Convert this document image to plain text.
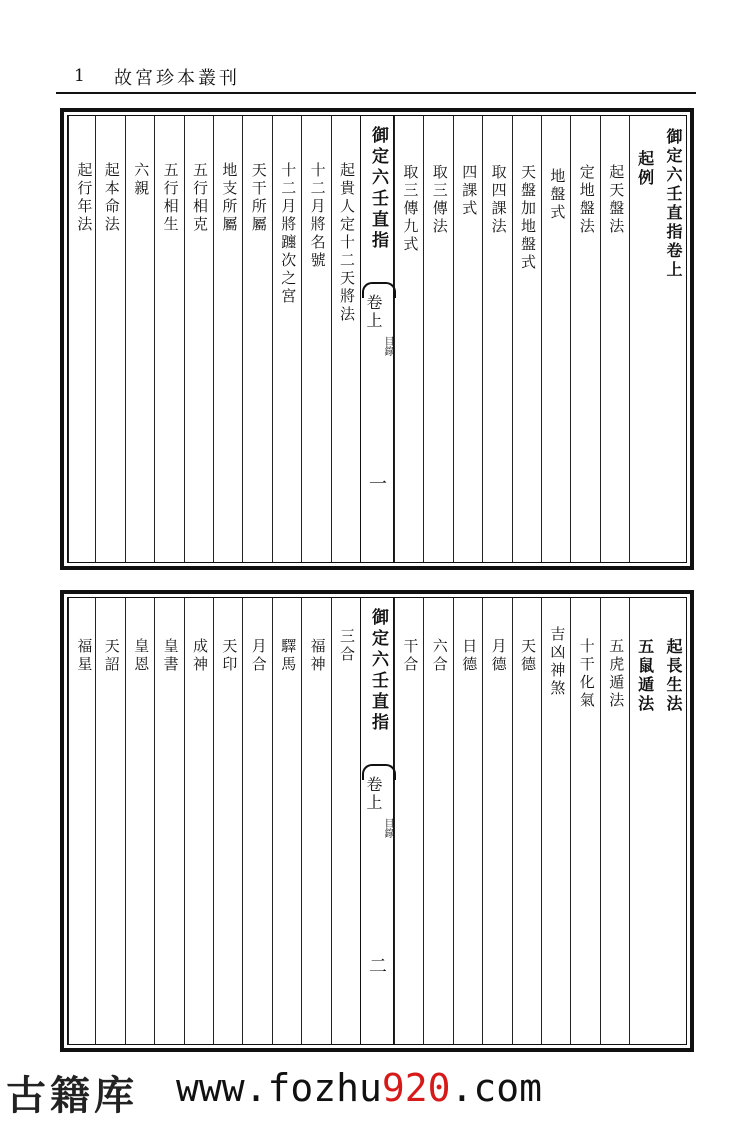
1 故宮珍本叢刊
御定六壬直指卷上
起例
起天盤法
定地盤法
地盤式
天盤加地盤式
取四課法
四課式
取三傳法
取三傳九式
御定六壬直指
卷上
目錄
一
起貴人定十二天將法
十二月將名號
十二月將躔次之宮
天干所屬
地支所屬
五行相克
五行相生
六親
起本命法
起行年法
起長生法
五鼠遁法
五虎遁法
十干化氣
吉凶神煞
天德
月德
日德
六合
干合
御定六壬直指
卷上
目錄
二
三合
福神
驛馬
月合
天印
成神
皇書
皇恩
天詔
福星
古籍库 www.fozhu920.com
